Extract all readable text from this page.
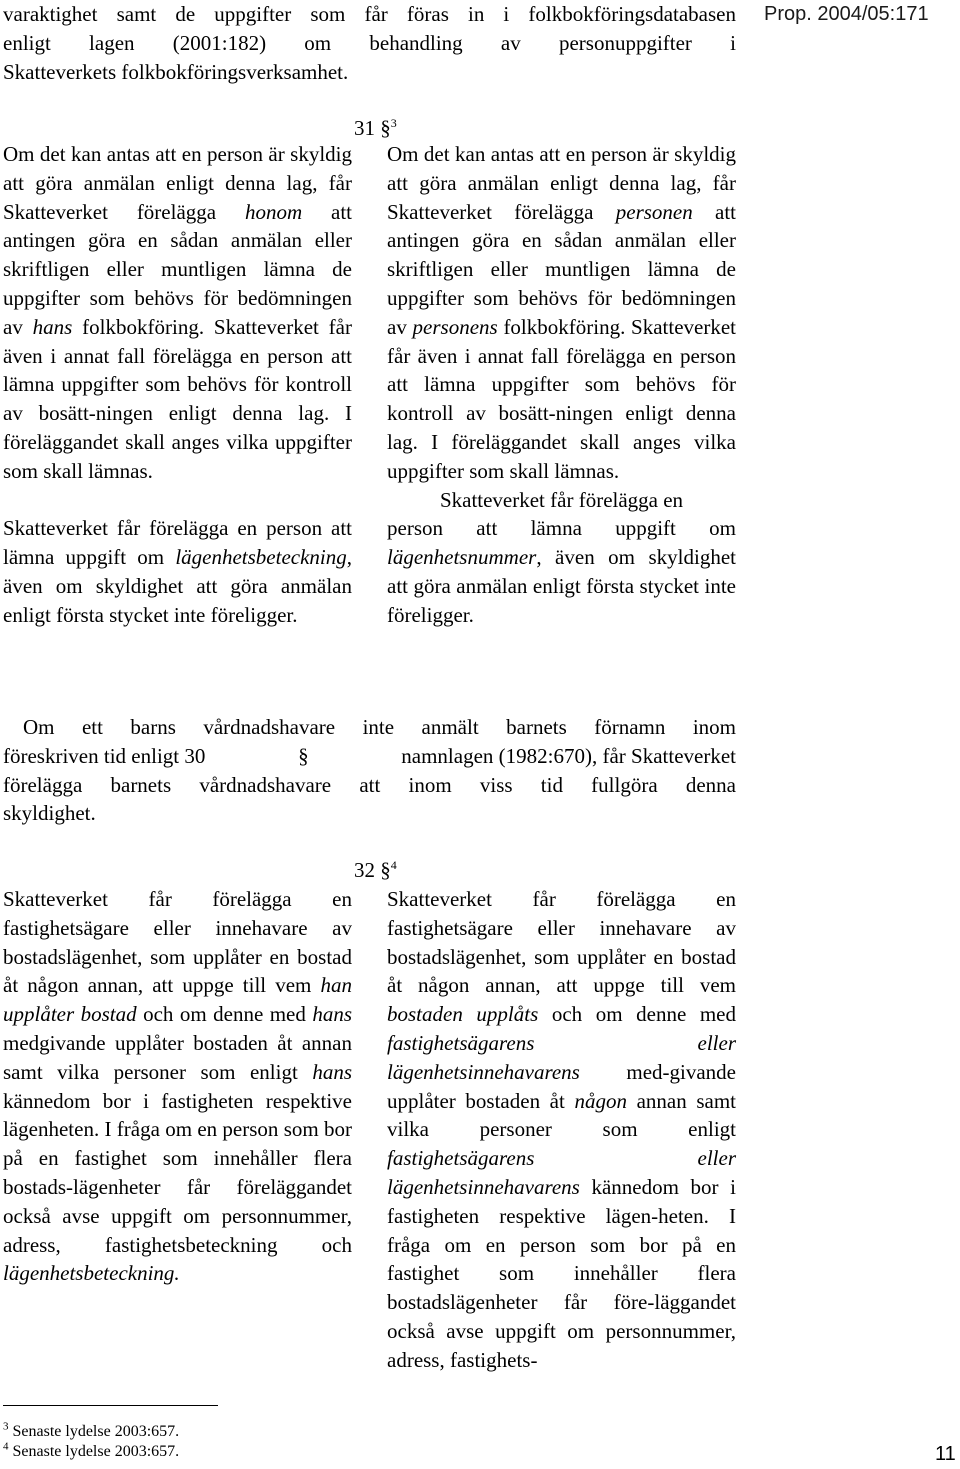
Prop. 2004/05:171
varaktighet samt de uppgifter som får föras in i folkbokföringsdatabasen
enligt lagen (2001:182) om behandling av personuppgifter i
Skatteverkets folkbokföringsverksamhet.
31 §$^3$

Om det kan antas att en person är skyldig att göra anmälan enligt denna lag, får Skatteverket förelägga honom att antingen göra en sådan anmälan eller skriftligen eller muntligen lämna de uppgifter som behövs för bedömningen av hans folkbokföring. Skatteverket får även i annat fall förelägga en person att lämna uppgifter som behövs för kontroll av bosätt-ningen enligt denna lag. I föreläggandet skall anges vilka uppgifter som skall lämnas.

Skatteverket får förelägga en person att lämna uppgift om lägenhetsbeteckning, även om skyldighet att göra anmälan enligt första stycket inte föreligger.

Om det kan antas att en person är skyldig att göra anmälan enligt denna lag, får Skatteverket förelägga personen att antingen göra en sådan anmälan eller skriftligen eller muntligen lämna de uppgifter som behövs för bedömningen av personens folkbokföring. Skatteverket får även i annat fall förelägga en person att lämna uppgifter som behövs för kontroll av bosätt-ningen enligt denna lag. I föreläggandet skall anges vilka uppgifter som skall lämnas.

Skatteverket får förelägga en

person att lämna uppgift om lägenhetsnummer, även om skyldighet att göra anmälan enligt första stycket inte föreligger.

Om ett barns vårdnadshavare inte anmält barnets förnamn inom
föreskriven tid enligt 30	§	namnlagen (1982:670), får Skatteverket
förelägga barnets vårdnadshavare att inom viss tid fullgöra denna
skyldighet.
32 §$^4$

Skatteverket får förelägga en fastighetsägare eller innehavare av bostadslägenhet, som upplåter en bostad åt någon annan, att uppge till vem han upplåter bostad och om denne med hans medgivande upplåter bostaden åt annan samt vilka personer som enligt hans kännedom bor i fastigheten respektive lägenheten. I fråga om en person som bor på en fastighet som innehåller flera bostads-lägenheter får föreläggandet också avse uppgift om personnummer, adress, fastighetsbeteckning och lägenhetsbeteckning.

Skatteverket får förelägga en fastighetsägare eller innehavare av bostadslägenhet, som upplåter en bostad åt någon annan, att uppge till vem bostaden upplåts och om denne med fastighetsägarens eller lägenhetsinnehavarens med-givande upplåter bostaden åt någon annan samt vilka personer som enligt fastighetsägarens eller lägenhetsinnehavarens kännedom bor i fastigheten respektive lägen-heten. I fråga om en person som bor på en fastighet som innehåller flera bostadslägenheter får före-läggandet också avse uppgift om personnummer, adress, fastighets-

$^3$ Senaste lydelse 2003:657.
$^4$ Senaste lydelse 2003:657.	11
